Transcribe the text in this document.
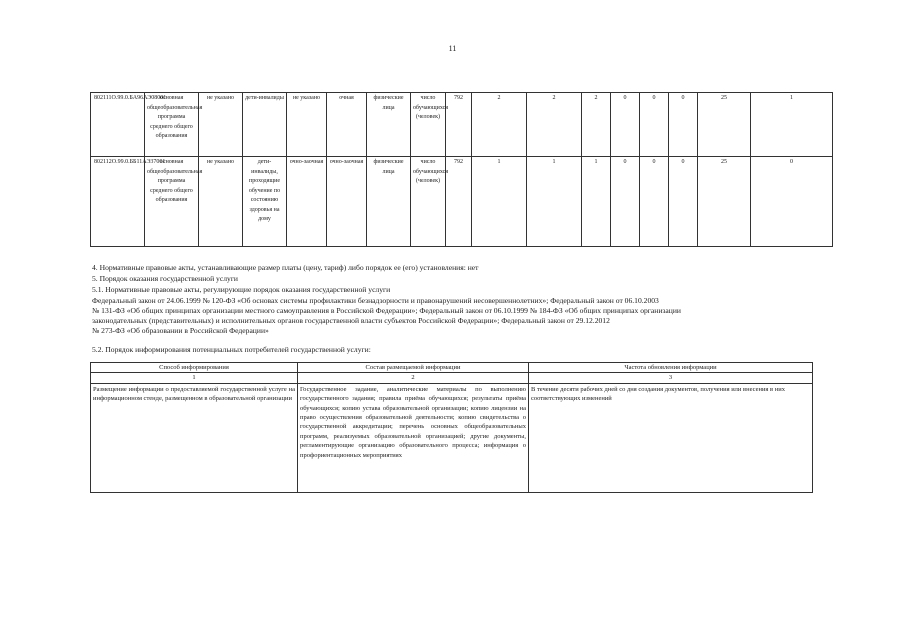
11
802111О.99.0.БА96АЭ08001	основная общеобразовательная программа среднего общего образования	не указано	дети-инвалиды	не указано	очная	физические лица	число обучающихся (человек)	792	2	2	2	0	0	0	25	1
802112О.99.0.ББ11АЭ37001	основная общеобразовательная программа среднего общего образования	не указано	дети-инвалиды, проходящие обучение по состоянию здоровья на дому	очно-заочная	очно-заочная	физические лица	число обучающихся (человек)	792	1	1	1	0	0	0	25	0
4. Нормативные правовые акты, устанавливающие размер платы (цену, тариф) либо порядок ее (его) установления: нет
5. Порядок оказания государственной услуги
5.1. Нормативные правовые акты, регулирующие порядок оказания государственной услуги
Федеральный закон от 24.06.1999 № 120-ФЗ «Об основах системы профилактики безнадзорности и правонарушений несовершеннолетних»; Федеральный закон от 06.10.2003
№ 131-ФЗ «Об общих принципах организации местного самоуправления в Российской Федерации»; Федеральный закон от 06.10.1999 № 184-ФЗ «Об общих принципах организации
законодательных (представительных) и исполнительных органов государственной власти субъектов Российской Федерации»; Федеральный закон от 29.12.2012
№ 273-ФЗ «Об образовании в Российской Федерации»
5.2. Порядок информирования потенциальных потребителей государственной услуги:
Способ информирования	Состав размещаемой информации	Частота обновления информации
1	2	3
Размещение информации о предоставляемой государственной услуге на информационном стенде, размещенном в образовательной организации	Государственное задание, аналитические материалы по выполнению государственного задания; правила приёма обучающихся; результаты приёма обучающихся; копию устава образовательной организации; копию лицензии на право осуществления образовательной деятельности; копию свидетельства о государственной аккредитации; перечень основных общеобразовательных программ, реализуемых образовательной организацией; другие документы, регламентирующие организацию образовательного процесса; информация о профориентационных мероприятиях	В течение десяти рабочих дней со дня создания документов, получения или внесения в них соответствующих изменений
